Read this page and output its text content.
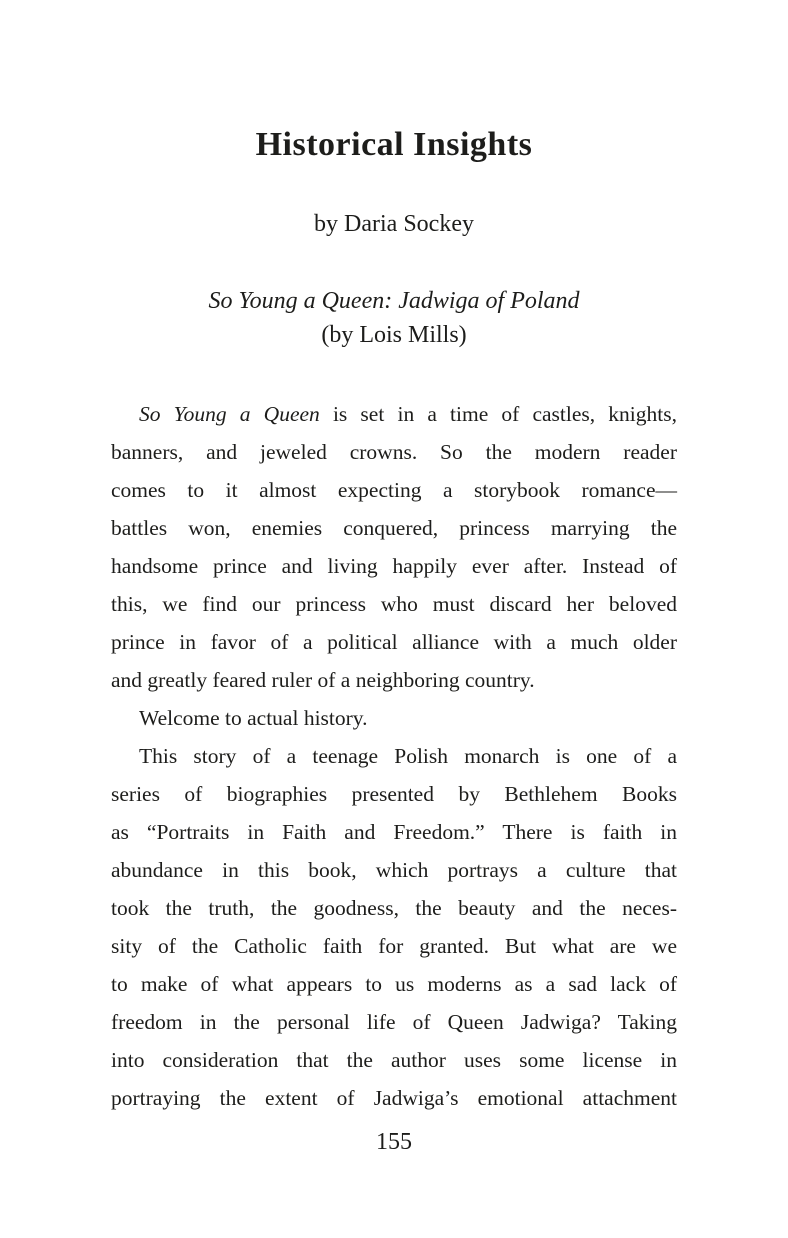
Historical Insights
by Daria Sockey
So Young a Queen: Jadwiga of Poland
(by Lois Mills)
So Young a Queen is set in a time of castles, knights,
banners, and jeweled crowns. So the modern reader
comes to it almost expecting a storybook romance—
battles won, enemies conquered, princess marrying the
handsome prince and living happily ever after. Instead of
this, we find our princess who must discard her beloved
prince in favor of a political alliance with a much older
and greatly feared ruler of a neighboring country.
Welcome to actual history.
This story of a teenage Polish monarch is one of a
series of biographies presented by Bethlehem Books
as “Portraits in Faith and Freedom.” There is faith in
abundance in this book, which portrays a culture that
took the truth, the goodness, the beauty and the neces-
sity of the Catholic faith for granted. But what are we
to make of what appears to us moderns as a sad lack of
freedom in the personal life of Queen Jadwiga? Taking
into consideration that the author uses some license in
portraying the extent of Jadwiga’s emotional attachment
155
